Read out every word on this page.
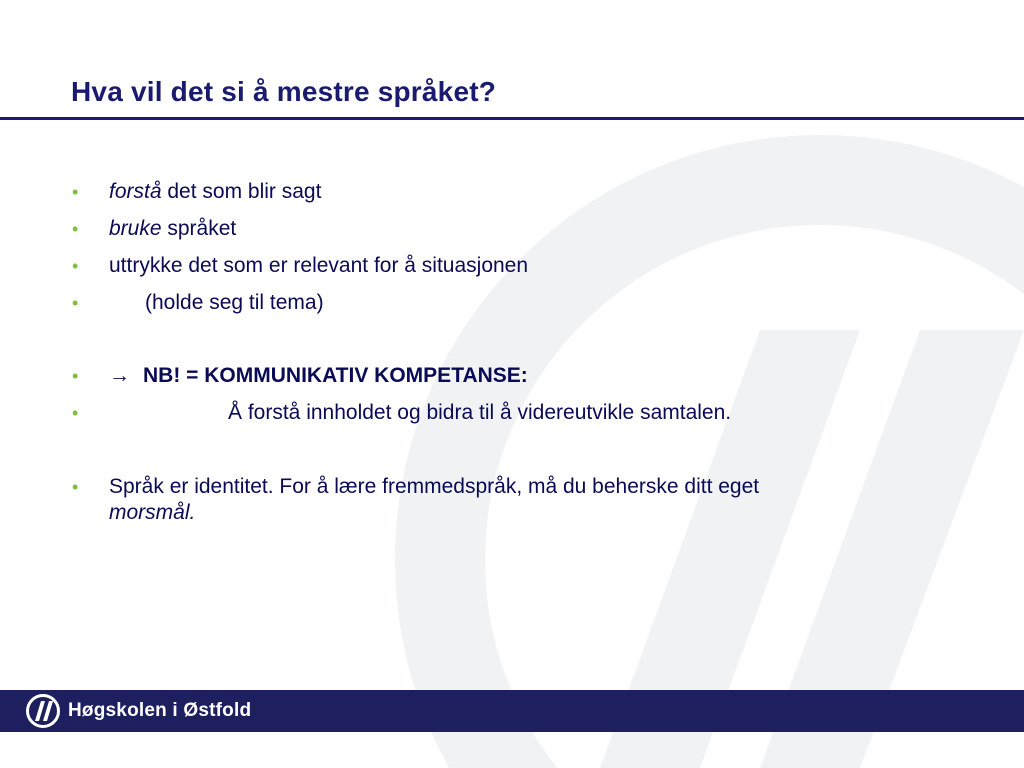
Hva vil det si å mestre språket?
•	forstå det som blir sagt
•	bruke språket
•	uttrykke det som er relevant for å situasjonen
•	(holde seg til tema)
•	→ NB! = KOMMUNIKATIV KOMPETANSE:
•	Å forstå innholdet og bidra til å videreutvikle samtalen.
•	Språk er identitet. For å lære fremmedspråk, må du beherske ditt eget
morsmål.
Høgskolen i Østfold
